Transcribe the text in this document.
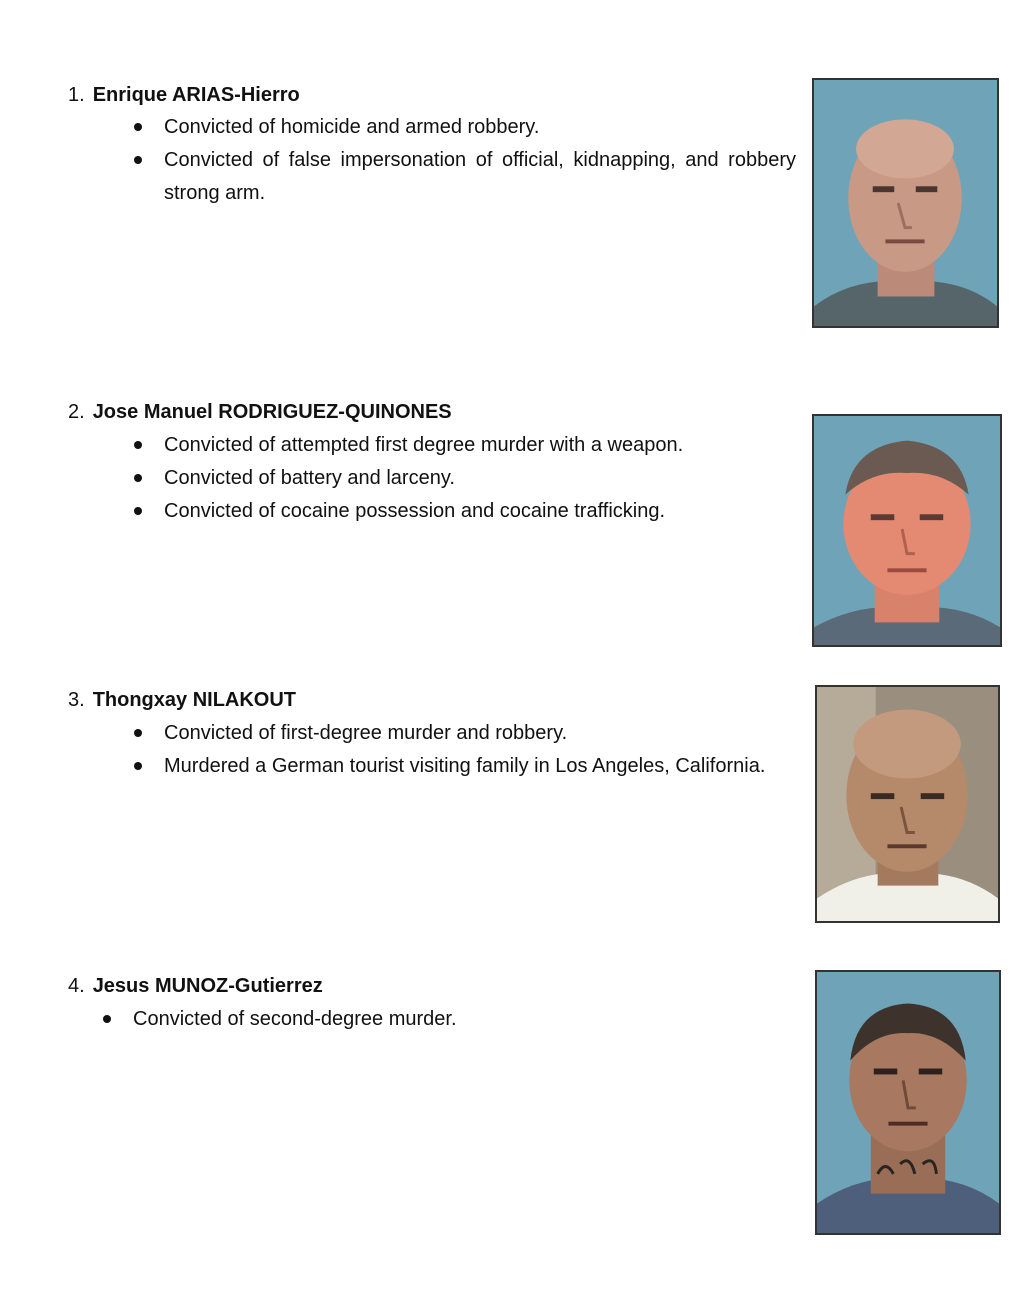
1. Enrique ARIAS-Hierro
Convicted of homicide and armed robbery.
Convicted of false impersonation of official, kidnapping, and robbery strong arm.
2. Jose Manuel RODRIGUEZ-QUINONES
Convicted of attempted first degree murder with a weapon.
Convicted of battery and larceny.
Convicted of cocaine possession and cocaine trafficking.
3. Thongxay NILAKOUT
Convicted of first-degree murder and robbery.
Murdered a German tourist visiting family in Los Angeles, California.
4. Jesus MUNOZ-Gutierrez
Convicted of second-degree murder.
